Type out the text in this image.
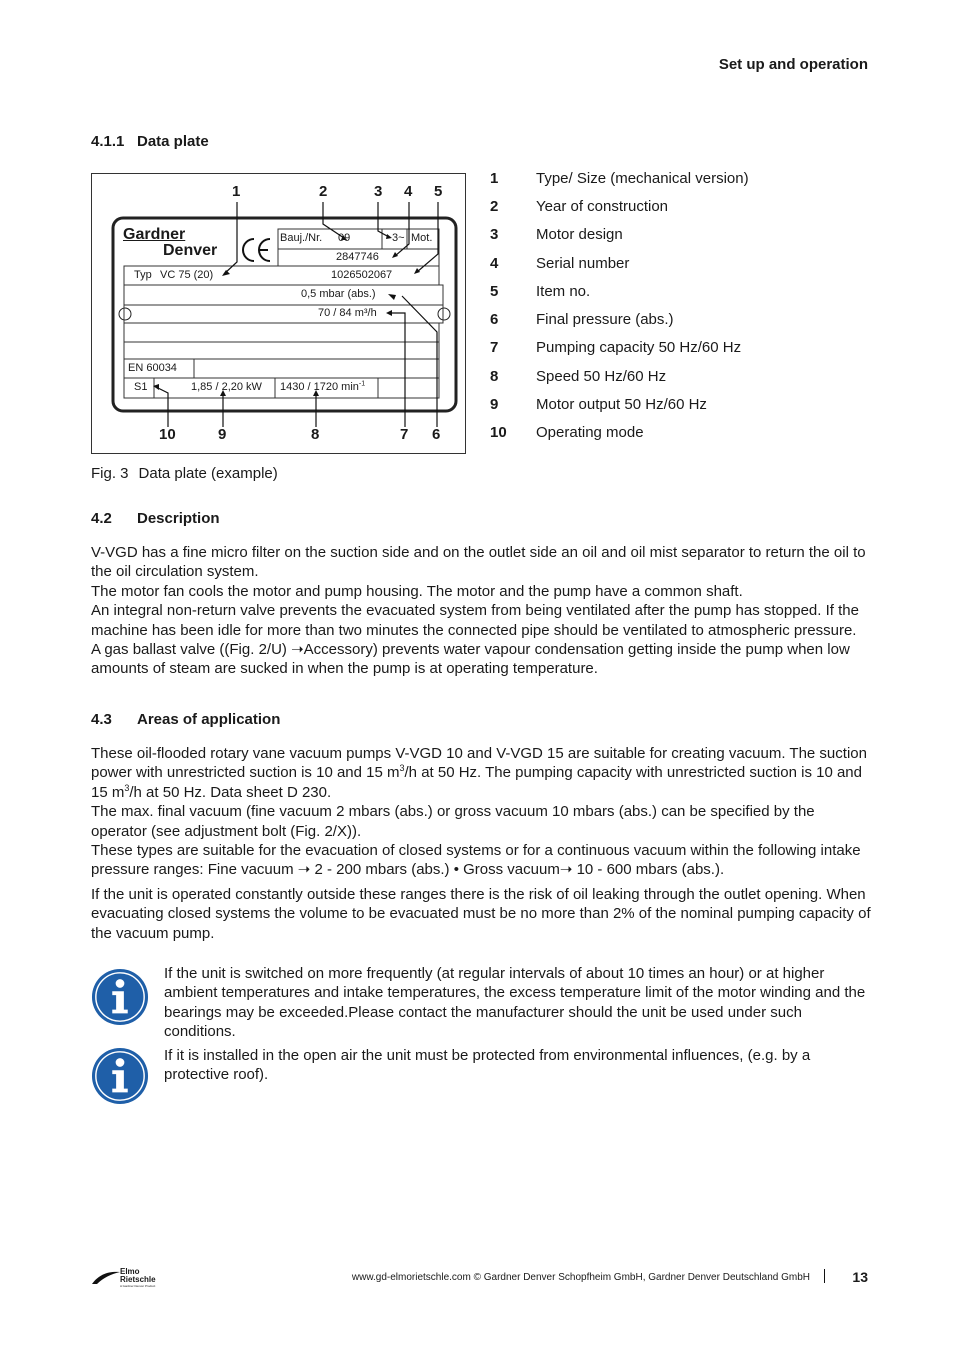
Set up and operation
4.1.1 Data plate
Gardner
Denver
Bauj./Nr. 09	3~ Mot.
2847746
Typ VC 75 (20)	1026502067
0,5 mbar (abs.)
70 / 84 m³/h
EN 60034
S1	1,85 / 2,20 kW 1430 / 1720 $\min^{-1}$
1	2	3 4 5
10	9	8	7 6
1	Type/ Size (mechanical version)
2	Year of construction
3	Motor design
4	Serial number
5	Item no.
6	Final pressure (abs.)
7	Pumping capacity 50 Hz/60 Hz
8	Speed 50 Hz/60 Hz
9	Motor output 50 Hz/60 Hz
10 Operating mode
Fig. 3 Data plate (example)
4.2 Description
V-VGD has a fine micro filter on the suction side and on the outlet side an oil and oil mist separator to return the oil to the oil circulation system.
The motor fan cools the motor and pump housing. The motor and the pump have a common shaft.
An integral non-return valve prevents the evacuated system from being ventilated after the pump has stopped. If the machine has been idle for more than two minutes the connected pipe should be ventilated to atmospheric pressure.
A gas ballast valve ((Fig. 2/U) ➝Accessory) prevents water vapour condensation getting inside the pump when low amounts of steam are sucked in when the pump is at operating temperature.
4.3 Areas of application
These oil-flooded rotary vane vacuum pumps V-VGD 10 and V-VGD 15 are suitable for creating vacuum. The suction power with unrestricted suction is 10 and 15 $m^3/h$ at 50 Hz. The pumping capacity with unrestricted suction is 10 and 15 $m^3/h$ at 50 Hz. Data sheet D 230.
The max. final vacuum (fine vacuum 2 mbars (abs.) or gross vacuum 10 mbars (abs.) can be specified by the operator (see adjustment bolt (Fig. 2/X)).
These types are suitable for the evacuation of closed systems or for a continuous vacuum within the following intake pressure ranges: Fine vacuum ➝ 2 - 200 mbars (abs.) • Gross vacuum➝ 10 - 600 mbars (abs.).
If the unit is operated constantly outside these ranges there is the risk of oil leaking through the outlet opening. When evacuating closed systems the volume to be evacuated must be no more than 2% of the nominal pumping capacity of the vacuum pump.
If the unit is switched on more frequently (at regular intervals of about 10 times an hour) or at higher ambient temperatures and intake temperatures, the excess temperature limit of the motor winding and the bearings may be exceeded.Please contact the manufacturer should the unit be used under such conditions.
If it is installed in the open air the unit must be protected from environmental influences, (e.g. by a protective roof).
Elmo
Rietschle
A Gardner Denver Product
www.gd-elmorietschle.com © Gardner Denver Schopfheim GmbH, Gardner Denver Deutschland GmbH	13
